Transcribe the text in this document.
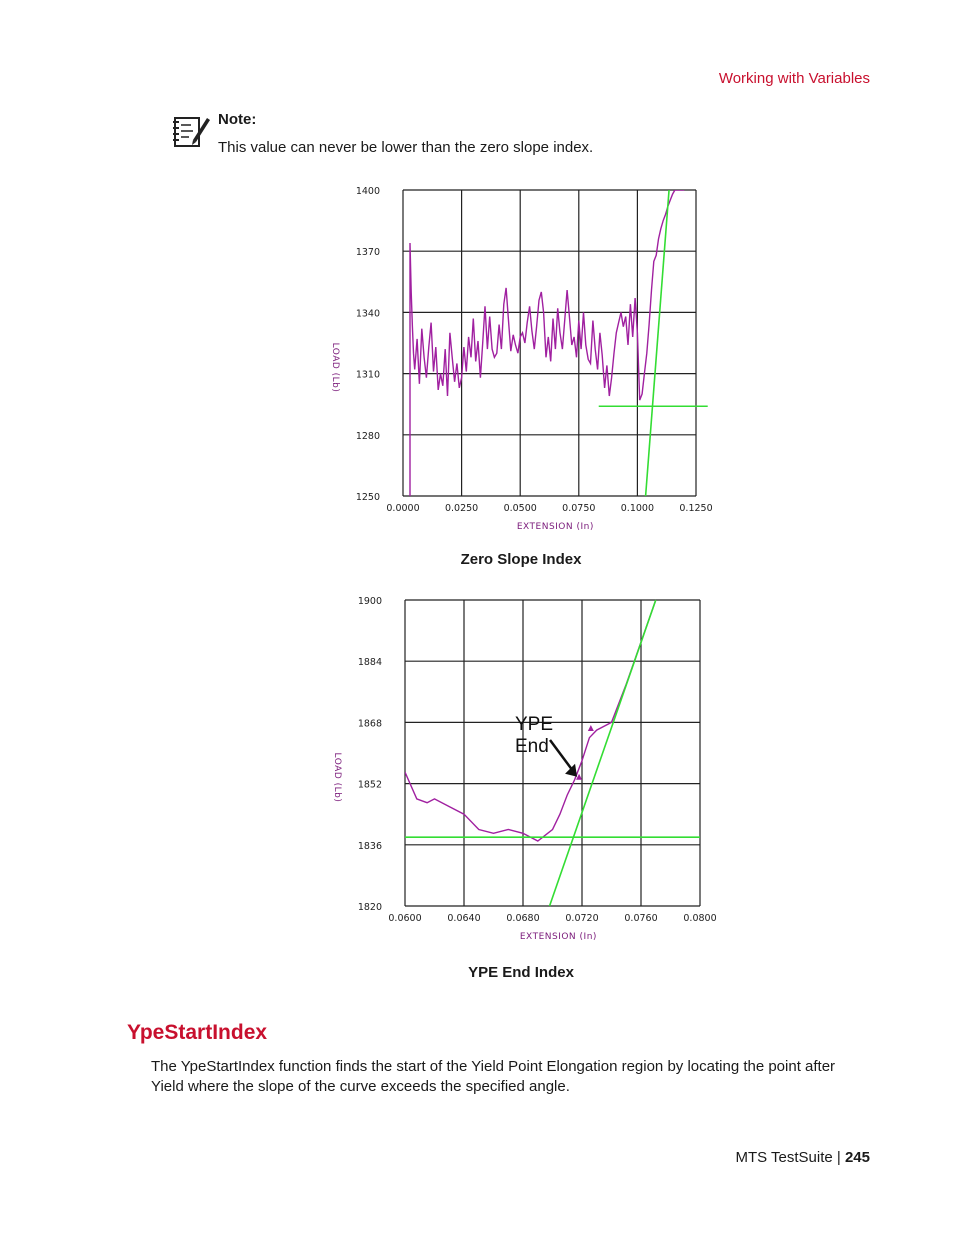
Working with Variables
Note:
This value can never be lower than the zero slope index.
0.0000	0.0250	0.0500	0.0750	0.1000	0.1250
1400
1370
1340
1310
1280
1250
EXTENSION (In)
LOAD (Lb)
Zero Slope Index
0.0600	0.0640	0.0680	0.0720	0.0760	0.0800
1900
1884
1868
1852
1836
1820
EXTENSION (In)
LOAD (Lb)
YPE
End
YPE End Index
YpeStartIndex
The YpeStartIndex function finds the start of the Yield Point Elongation region by locating the point after Yield where the slope of the curve exceeds the specified angle.
MTS TestSuite | 245
